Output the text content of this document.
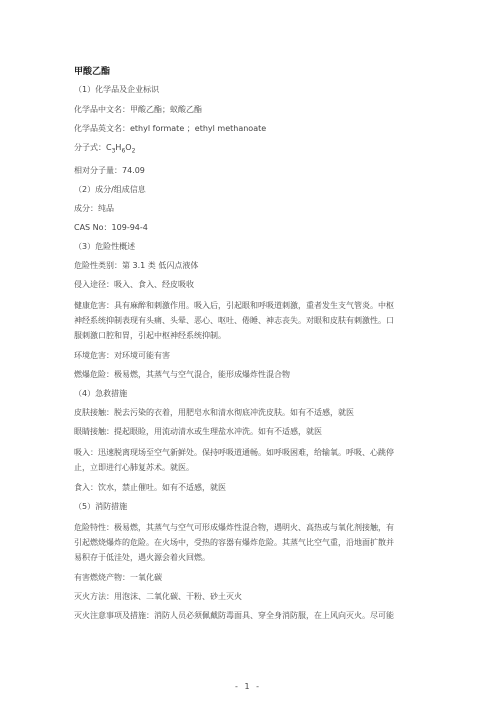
甲酸乙酯
（1）化学品及企业标识
化学品中文名：甲酸乙酯；蚁酸乙酯
化学品英文名：ethyl formate ；ethyl methanoate
分子式：$C_3H_6O_2$
相对分子量：74.09
（2）成分/组成信息
成分：纯品
CAS No：109-94-4
（3）危险性概述
危险性类别：第 3.1 类 低闪点液体
侵入途径：吸入、食入、经皮吸收
健康危害：具有麻醉和刺激作用。吸入后，引起眼和呼吸道刺激，重者发生支气管炎。中枢
神经系统抑制表现有头痛、头晕、恶心、呕吐、倦睡、神志丧失。对眼和皮肤有刺激性。口
服刺激口腔和胃，引起中枢神经系统抑制。
环境危害：对环境可能有害
燃爆危险：极易燃，其蒸气与空气混合，能形成爆炸性混合物
（4）急救措施
皮肤接触：脱去污染的衣着，用肥皂水和清水彻底冲洗皮肤。如有不适感，就医
眼睛接触：提起眼睑，用流动清水或生理盐水冲洗。如有不适感，就医
吸入：迅速脱离现场至空气新鲜处。保持呼吸道通畅。如呼吸困难，给输氧。呼吸、心跳停
止，立即进行心肺复苏术。就医。
食入：饮水，禁止催吐。如有不适感，就医
（5）消防措施
危险特性：极易燃，其蒸气与空气可形成爆炸性混合物，遇明火、高热或与氧化剂接触，有
引起燃烧爆炸的危险。在火场中，受热的容器有爆炸危险。其蒸气比空气重，沿地面扩散并
易积存于低洼处，遇火源会着火回燃。
有害燃烧产物：一氧化碳
灭火方法：用泡沫、二氧化碳、干粉、砂土灭火
灭火注意事项及措施：消防人员必须佩戴防毒面具、穿全身消防服，在上风向灭火。尽可能
- 1 -
